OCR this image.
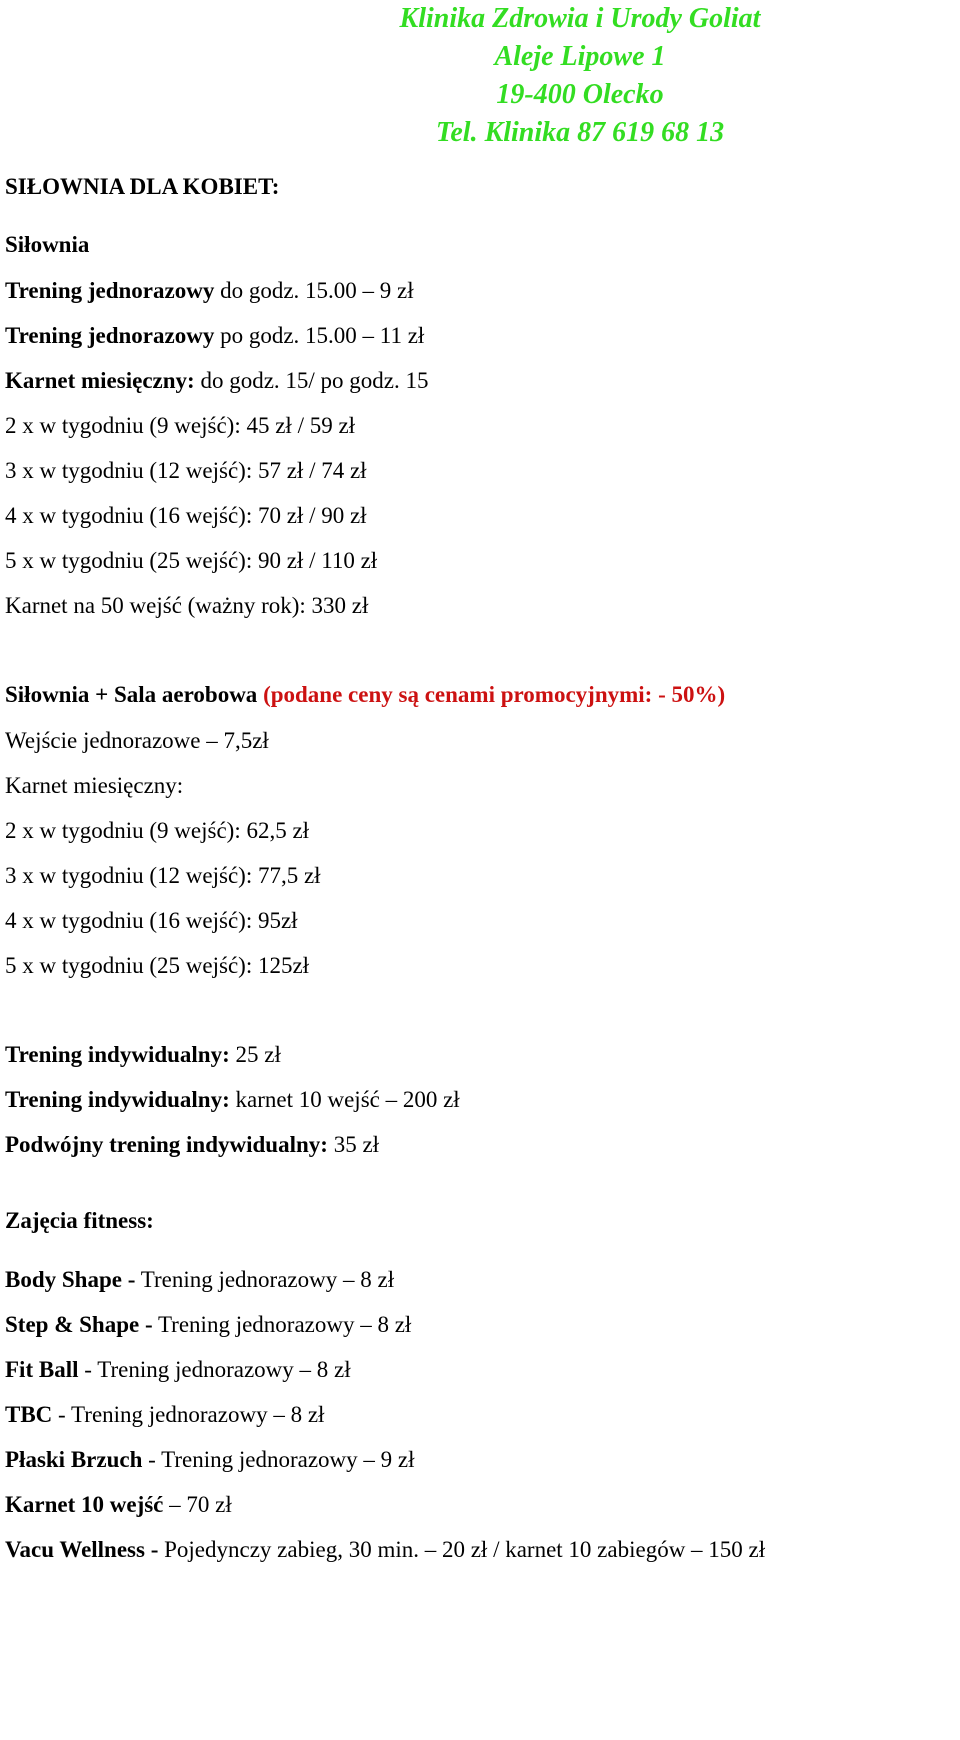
Klinika Zdrowia i Urody Goliat
Aleje Lipowe 1
19-400 Olecko
Tel. Klinika 87 619 68 13
SIŁOWNIA DLA KOBIET:
Siłownia
Trening jednorazowy do godz. 15.00 – 9 zł
Trening jednorazowy po godz. 15.00 – 11 zł
Karnet miesięczny: do godz. 15/ po godz. 15
2 x w tygodniu (9 wejść): 45 zł / 59 zł
3 x w tygodniu (12 wejść): 57 zł / 74 zł
4 x w tygodniu (16 wejść): 70 zł / 90 zł
5 x w tygodniu (25 wejść): 90 zł / 110 zł
Karnet na 50 wejść (ważny rok): 330 zł
Siłownia + Sala aerobowa (podane ceny są cenami promocyjnymi: - 50%)
Wejście jednorazowe – 7,5zł
Karnet miesięczny:
2 x w tygodniu (9 wejść): 62,5 zł
3 x w tygodniu (12 wejść): 77,5 zł
4 x w tygodniu (16 wejść): 95zł
5 x w tygodniu (25 wejść): 125zł
Trening indywidualny: 25 zł
Trening indywidualny: karnet 10 wejść – 200 zł
Podwójny trening indywidualny: 35 zł
Zajęcia fitness:
Body Shape - Trening jednorazowy – 8 zł
Step & Shape - Trening jednorazowy – 8 zł
Fit Ball - Trening jednorazowy – 8 zł
TBC - Trening jednorazowy – 8 zł
Płaski Brzuch - Trening jednorazowy – 9 zł
Karnet 10 wejść – 70 zł
Vacu Wellness - Pojedynczy zabieg, 30 min. – 20 zł / karnet 10 zabiegów – 150 zł
